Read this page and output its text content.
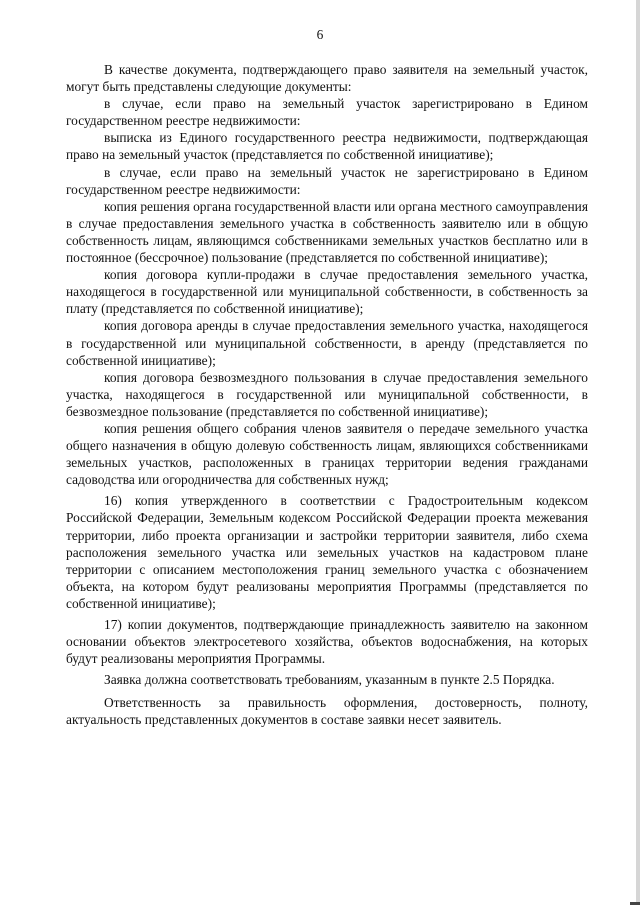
6

В качестве документа, подтверждающего право заявителя на земельный участок, могут быть представлены следующие документы:

в случае, если право на земельный участок зарегистрировано в Едином государственном реестре недвижимости:

выписка из Единого государственного реестра недвижимости, подтверждающая право на земельный участок (представляется по собственной инициативе);

в случае, если право на земельный участок не зарегистрировано в Едином государственном реестре недвижимости:

копия решения органа государственной власти или органа местного самоуправления в случае предоставления земельного участка в собственность заявителю или в общую собственность лицам, являющимся собственниками земельных участков бесплатно или в постоянное (бессрочное) пользование (представляется по собственной инициативе);

копия договора купли-продажи в случае предоставления земельного участка, находящегося в государственной или муниципальной собственности, в собственность за плату (представляется по собственной инициативе);

копия договора аренды в случае предоставления земельного участка, находящегося в государственной или муниципальной собственности, в аренду (представляется по собственной инициативе);

копия договора безвозмездного пользования в случае предоставления земельного участка, находящегося в государственной или муниципальной собственности, в безвозмездное пользование (представляется по собственной инициативе);

копия решения общего собрания членов заявителя о передаче земельного участка общего назначения в общую долевую собственность лицам, являющихся собственниками земельных участков, расположенных в границах территории ведения гражданами садоводства или огородничества для собственных нужд;

16) копия утвержденного в соответствии с Градостроительным кодексом Российской Федерации, Земельным кодексом Российской Федерации проекта межевания территории, либо проекта организации и застройки территории заявителя, либо схема расположения земельного участка или земельных участков на кадастровом плане территории с описанием местоположения границ земельного участка с обозначением объекта, на котором будут реализованы мероприятия Программы (представляется по собственной инициативе);

17) копии документов, подтверждающие принадлежность заявителю на законном основании объектов электросетевого хозяйства, объектов водоснабжения, на которых будут реализованы мероприятия Программы.

Заявка должна соответствовать требованиям, указанным в пункте 2.5 Порядка.

Ответственность за правильность оформления, достоверность, полноту, актуальность представленных документов в составе заявки несет заявитель.
